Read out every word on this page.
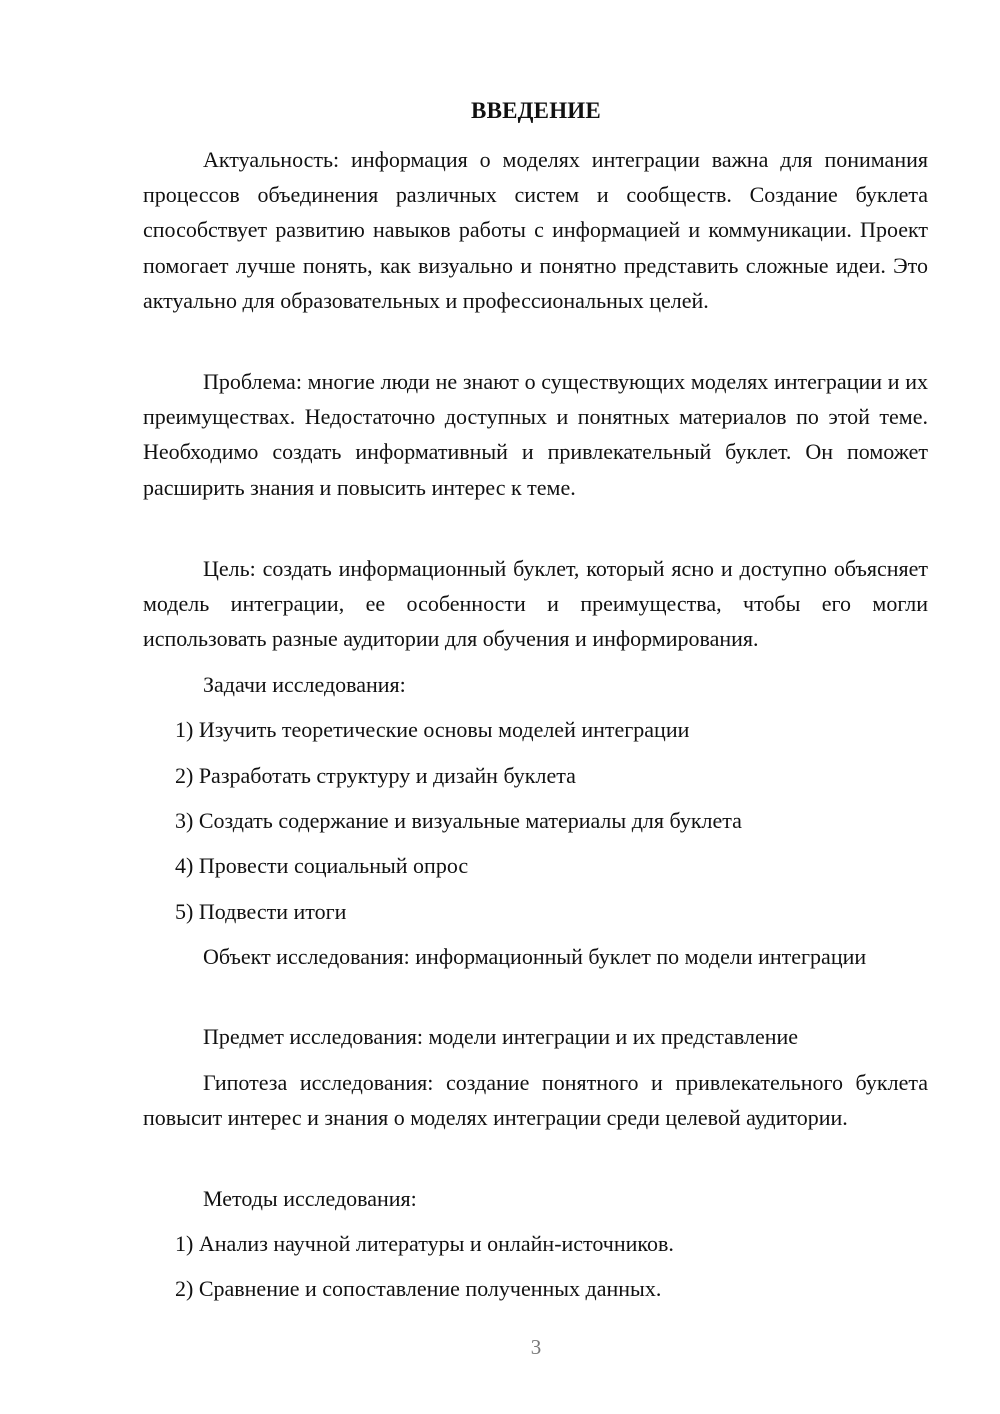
ВВЕДЕНИЕ

Актуальность: информация о моделях интеграции важна для понимания процессов объединения различных систем и сообществ. Создание буклета способствует развитию навыков работы с информацией и коммуникации. Проект помогает лучше понять, как визуально и понятно представить сложные идеи. Это актуально для образовательных и профессиональных целей.

Проблема: многие люди не знают о существующих моделях интеграции и их преимуществах. Недостаточно доступных и понятных материалов по этой теме. Необходимо создать информативный и привлекательный буклет. Он поможет расширить знания и повысить интерес к теме.

Цель: создать информационный буклет, который ясно и доступно объясняет модель интеграции, ее особенности и преимущества, чтобы его могли использовать разные аудитории для обучения и информирования.

Задачи исследования:

1) Изучить теоретические основы моделей интеграции

2) Разработать структуру и дизайн буклета

3) Создать содержание и визуальные материалы для буклета

4) Провести социальный опрос

5) Подвести итоги

Объект исследования: информационный буклет по модели интеграции

Предмет исследования: модели интеграции и их представление

Гипотеза исследования: создание понятного и привлекательного буклета повысит интерес и знания о моделях интеграции среди целевой аудитории.

Методы исследования:

1) Анализ научной литературы и онлайн-источников.

2) Сравнение и сопоставление полученных данных.

3
